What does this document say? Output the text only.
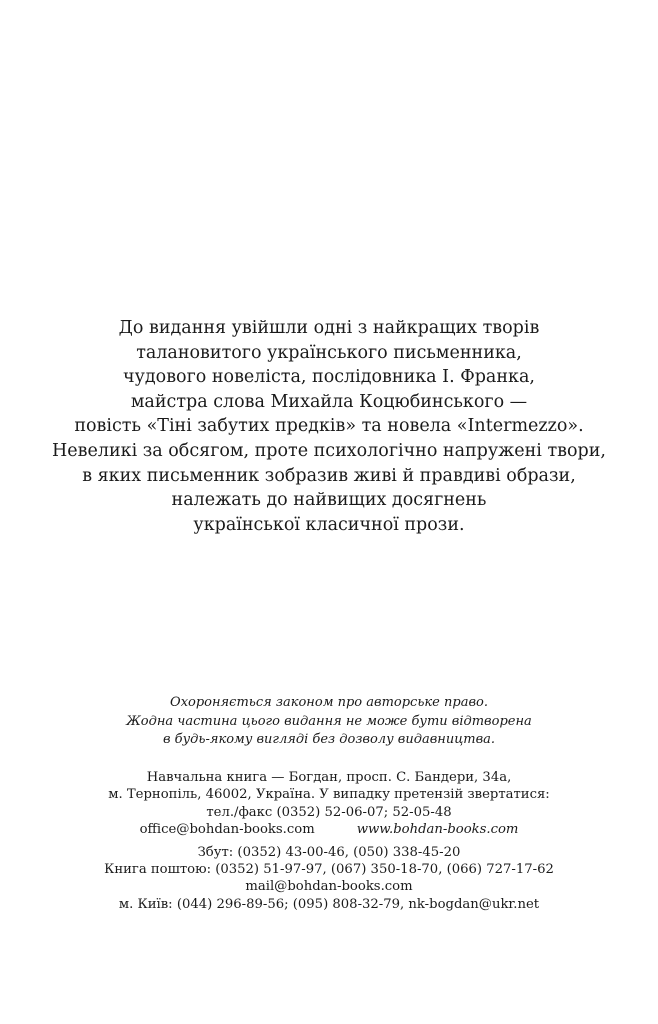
До видання увійшли одні з найкращих творів
талановитого українського письменника,
чудового новеліста, послідовника І. Франка,
майстра слова Михайла Коцюбинського —
повість «Тіні забутих предків» та новела «Intermezzo».
Невеликі за обсягом, проте психологічно напружені твори,
в яких письменник зобразив живі й правдиві образи,
належать до найвищих досягнень
української класичної прози.
Охороняється законом про авторське право.
Жодна частина цього видання не може бути відтворена
в будь-якому вигляді без дозволу видавництва.
Навчальна книга — Богдан, просп. С. Бандери, 34а,
м. Тернопіль, 46002, Україна. У випадку претензій звертатися:
тел./факс (0352) 52-06-07; 52-05-48
office@bohdan-books.com	www.bohdan-books.com
Збут: (0352) 43-00-46, (050) 338-45-20
Книга поштою: (0352) 51-97-97, (067) 350-18-70, (066) 727-17-62
mail@bohdan-books.com
м. Київ: (044) 296-89-56; (095) 808-32-79, nk-bogdan@ukr.net
